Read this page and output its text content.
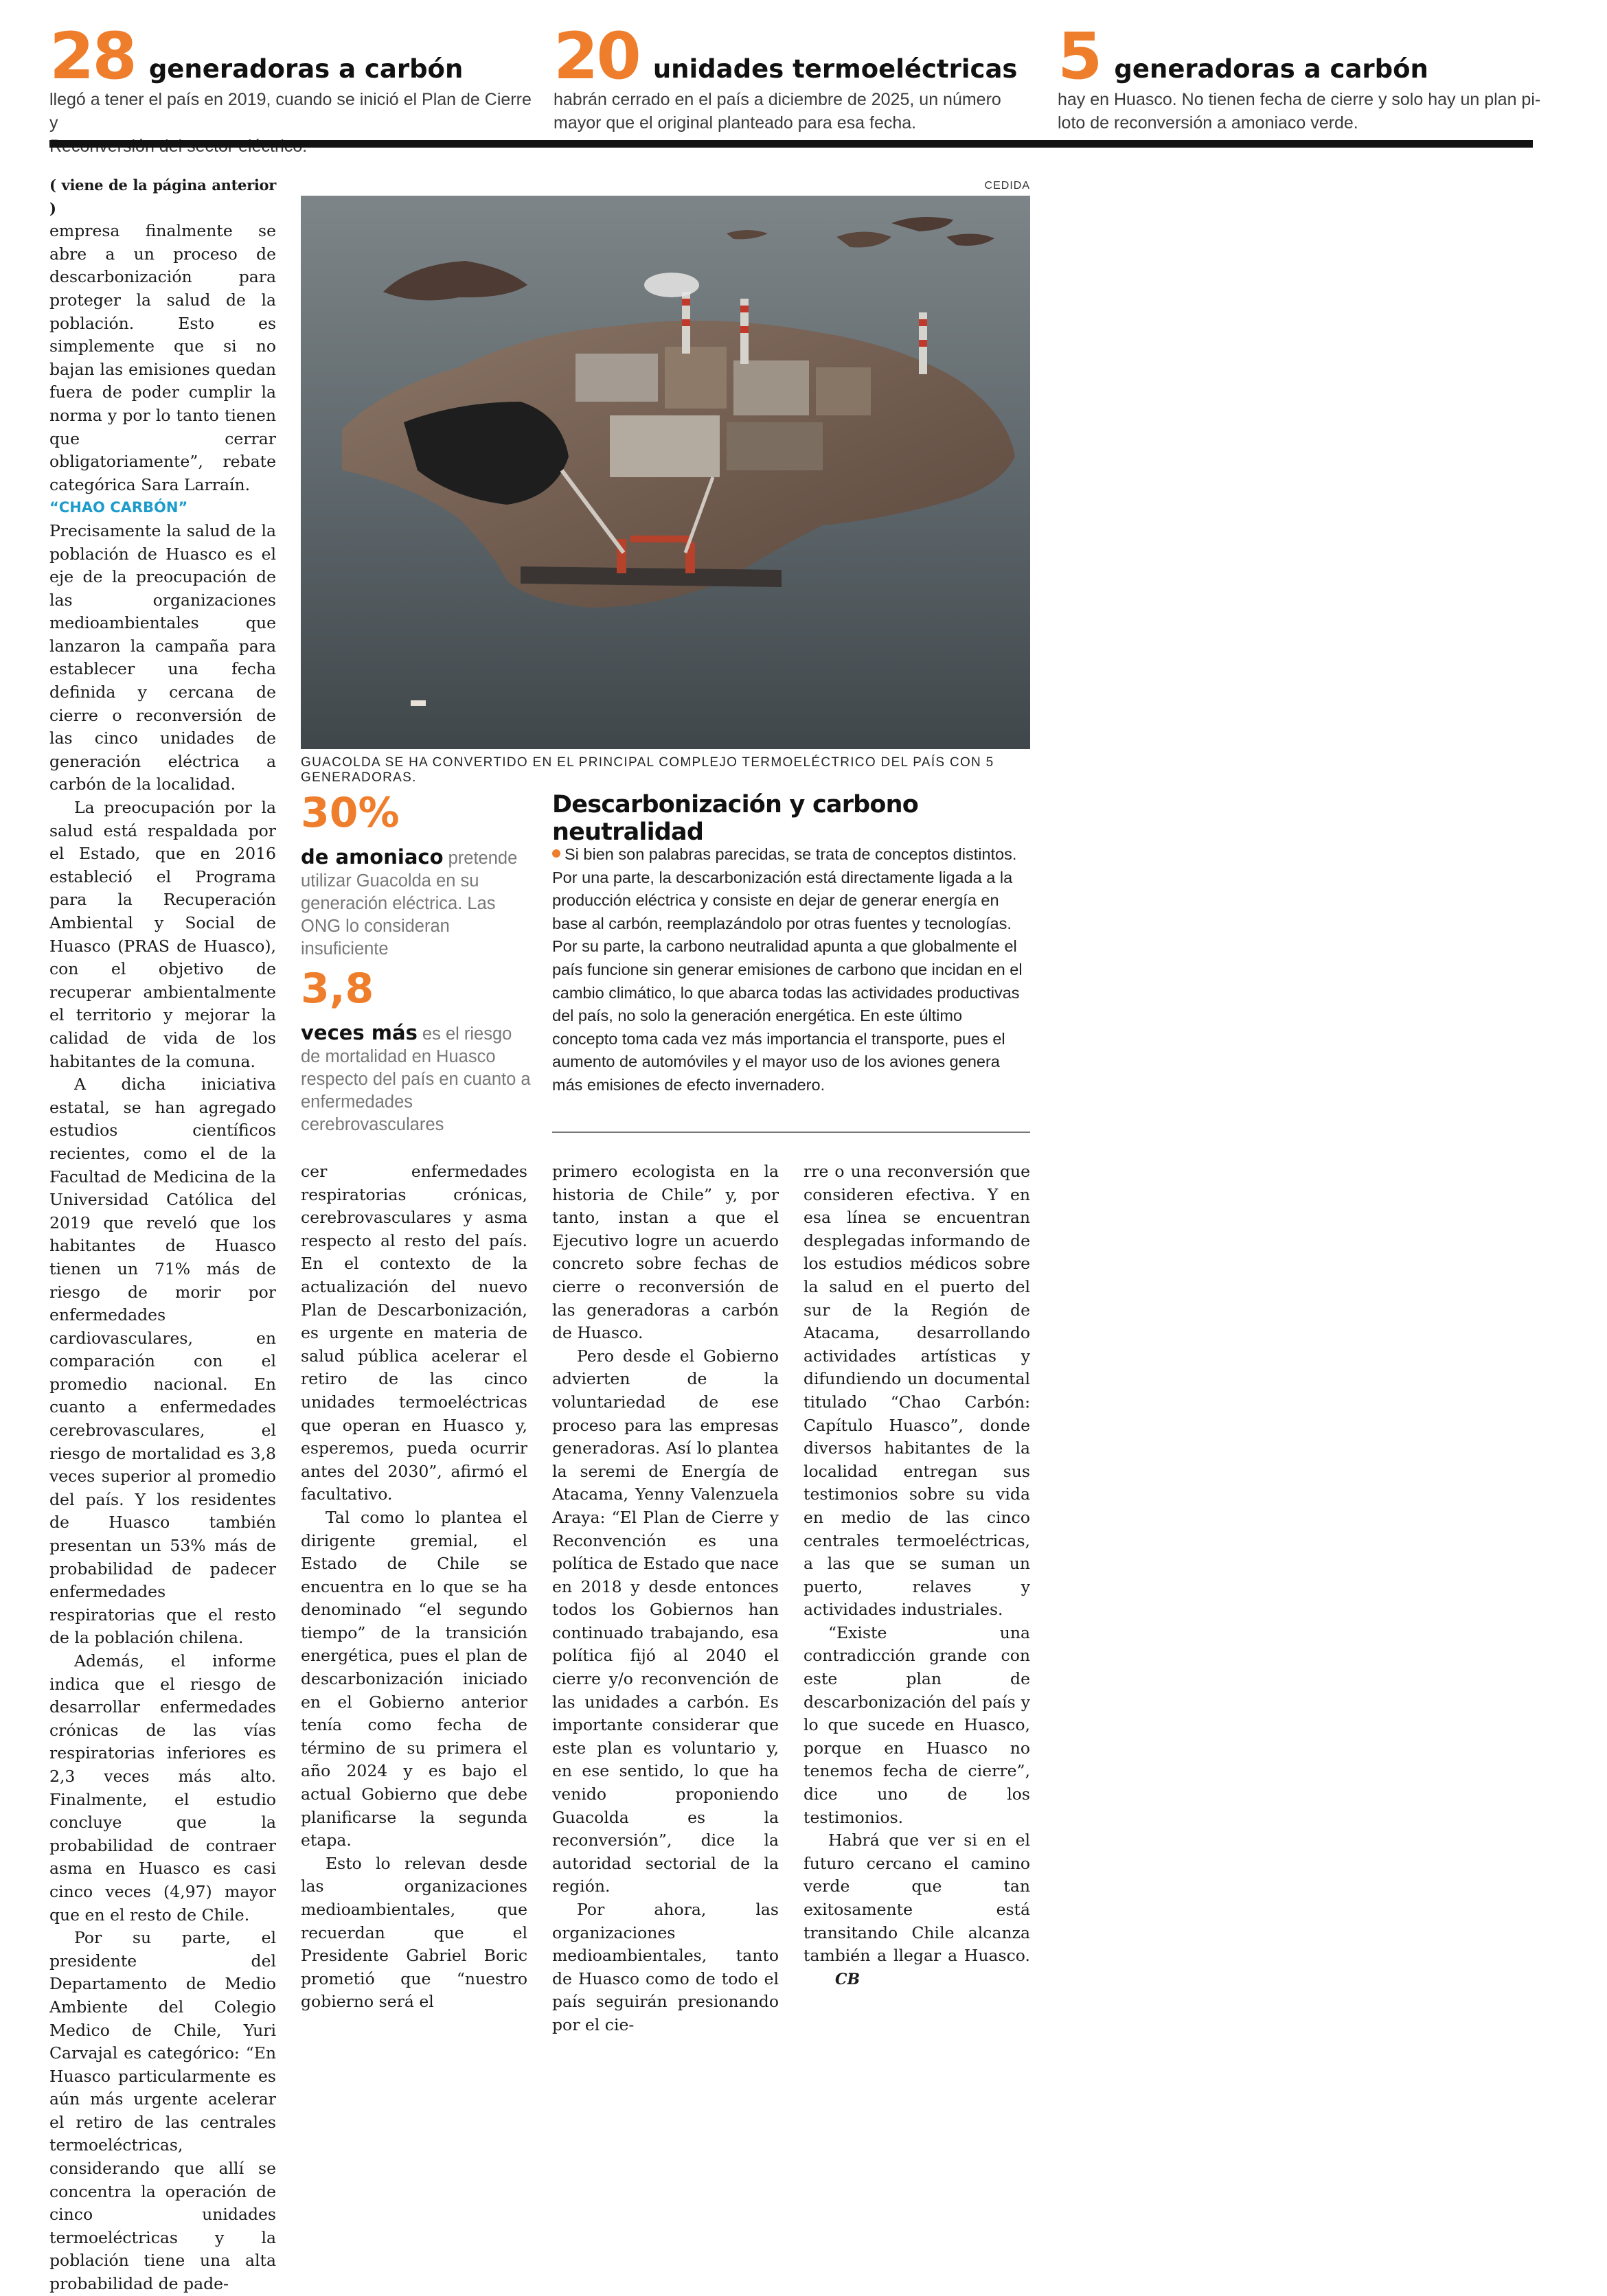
28 generadoras a carbón
llegó a tener el país en 2019, cuando se inició el Plan de Cierre y
20 unidades termoeléctricas
habrán cerrado en el país a diciembre de 2025, un número
mayor que el original planteado para esa fecha.
5 generadoras a carbón
hay en Huasco. No tienen fecha de cierre y solo hay un plan pi-
loto de reconversión a amoniaco verde.

( viene de la página anterior )

empresa finalmente se abre a un proceso de descarbonización para proteger la salud de la población. Esto es simplemente que si no bajan las emisiones quedan fuera de poder cumplir la norma y por lo tanto tienen que cerrar obligatoriamente”, rebate categórica Sara Larraín.

“CHAO CARBÓN”

Precisamente la salud de la población de Huasco es el eje de la preocupación de las organizaciones medioambientales que lanzaron la campaña para establecer una fecha definida y cercana de cierre o reconversión de las cinco unidades de generación eléctrica a carbón de la localidad.

La preocupación por la salud está respaldada por el Estado, que en 2016 estableció el Programa para la Recuperación Ambiental y Social de Huasco (PRAS de Huasco), con el objetivo de recuperar ambientalmente el territorio y mejorar la calidad de vida de los habitantes de la comuna.

A dicha iniciativa estatal, se han agregado estudios científicos recientes, como el de la Facultad de Medicina de la Universidad Católica del 2019 que reveló que los habitantes de Huasco tienen un 71% más de riesgo de morir por enfermedades cardiovasculares, en comparación con el promedio nacional. En cuanto a enfermedades cerebrovasculares, el riesgo de mortalidad es 3,8 veces superior al promedio del país. Y los residentes de Huasco también presentan un 53% más de probabilidad de padecer enfermedades respiratorias que el resto de la población chilena.

Además, el informe indica que el riesgo de desarrollar enfermedades crónicas de las vías respiratorias inferiores es 2,3 veces más alto. Finalmente, el estudio concluye que la probabilidad de contraer asma en Huasco es casi cinco veces (4,97) mayor que en el resto de Chile.

Por su parte, el presidente del Departamento de Medio Ambiente del Colegio Medico de Chile, Yuri Carvajal es categórico: “En Huasco particularmente es aún más urgente acelerar el retiro de las centrales termoeléctricas, considerando que allí se concentra la operación de cinco unidades termoeléctricas y la población tiene una alta probabilidad de pade-

CEDIDA
GUACOLDA SE HA CONVERTIDO EN EL PRINCIPAL COMPLEJO TERMOELÉCTRICO DEL PAÍS CON 5 GENERADORAS.
30%
de amoniaco pretende utilizar Guacolda en su generación eléctrica. Las ONG lo consideran insuficiente
3,8
veces más es el riesgo de mortalidad en Huasco respecto del país en cuanto a enfermedades cerebrovasculares
Descarbonización y carbono neutralidad
Si bien son palabras parecidas, se trata de conceptos distintos. Por una parte, la descarbonización está directamente ligada a la producción eléctrica y consiste en dejar de generar energía en base al carbón, reemplazándolo por otras fuentes y tecnologías. Por su parte, la carbono neutralidad apunta a que globalmente el país funcione sin generar emisiones de carbono que incidan en el cambio climático, lo que abarca todas las actividades productivas del país, no solo la generación energética. En este último concepto toma cada vez más importancia el transporte, pues el aumento de automóviles y el mayor uso de los aviones genera más emisiones de efecto invernadero.

cer enfermedades respiratorias crónicas, cerebrovasculares y asma respecto al resto del país. En el contexto de la actualización del nuevo Plan de Descarbonización, es urgente en materia de salud pública acelerar el retiro de las cinco unidades termoeléctricas que operan en Huasco y, esperemos, pueda ocurrir antes del 2030”, afirmó el facultativo.

Tal como lo plantea el dirigente gremial, el Estado de Chile se encuentra en lo que se ha denominado “el segundo tiempo” de la transición energética, pues el plan de descarbonización iniciado en el Gobierno anterior tenía como fecha de término de su primera el año 2024 y es bajo el actual Gobierno que debe planificarse la segunda etapa.

Esto lo relevan desde las organizaciones medioambientales, que recuerdan que el Presidente Gabriel Boric prometió que “nuestro gobierno será el

primero ecologista en la historia de Chile” y, por tanto, instan a que el Ejecutivo logre un acuerdo concreto sobre fechas de cierre o reconversión de las generadoras a carbón de Huasco.

Pero desde el Gobierno advierten de la voluntariedad de ese proceso para las empresas generadoras. Así lo plantea la seremi de Energía de Atacama, Yenny Valenzuela Araya: “El Plan de Cierre y Reconvención es una política de Estado que nace en 2018 y desde entonces todos los Gobiernos han continuado trabajando, esa política fijó al 2040 el cierre y/o reconvención de las unidades a carbón. Es importante considerar que este plan es voluntario y, en ese sentido, lo que ha venido proponiendo Guacolda es la reconversión”, dice la autoridad sectorial de la región.

Por ahora, las organizaciones medioambientales, tanto de Huasco como de todo el país seguirán presionando por el cie-

rre o una reconversión que consideren efectiva. Y en esa línea se encuentran desplegadas informando de los estudios médicos sobre la salud en el puerto del sur de la Región de Atacama, desarrollando actividades artísticas y difundiendo un documental titulado “Chao Carbón: Capítulo Huasco”, donde diversos habitantes de la localidad entregan sus testimonios sobre su vida en medio de las cinco centrales termoeléctricas, a las que se suman un puerto, relaves y actividades industriales.

“Existe una contradicción grande con este plan de descarbonización del país y lo que sucede en Huasco, porque en Huasco no tenemos fecha de cierre”, dice uno de los testimonios.

Habrá que ver si en el futuro cercano el camino verde que tan exitosamente está transitando Chile alcanza también a llegar a Huasco.CB
